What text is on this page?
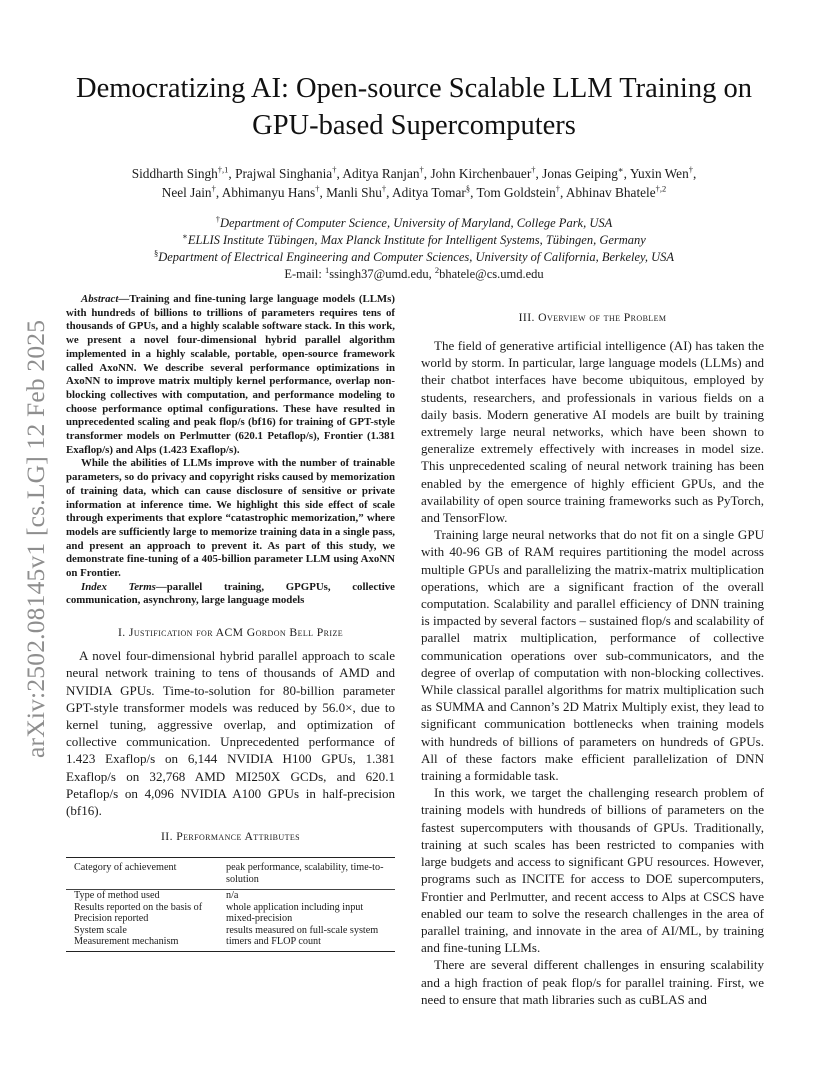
arXiv:2502.08145v1 [cs.LG] 12 Feb 2025
Democratizing AI: Open-source Scalable LLM Training on GPU-based Supercomputers
Siddharth Singh$^{\dagger,1}$, Prajwal Singhania†, Aditya Ranjan†, John Kirchenbauer†, Jonas Geiping∗, Yuxin Wen†,
Neel Jain†, Abhimanyu Hans†, Manli Shu†, Aditya Tomar§, Tom Goldstein†, Abhinav Bhatele$^{\dagger,2}$
†Department of Computer Science, University of Maryland, College Park, USA
∗ELLIS Institute Tübingen, Max Planck Institute for Intelligent Systems, Tübingen, Germany
§Department of Electrical Engineering and Computer Sciences, University of California, Berkeley, USA
E-mail: $^1$ssingh37@umd.edu, $^2$bhatele@cs.umd.edu

Abstract—Training and fine-tuning large language models (LLMs) with hundreds of billions to trillions of parameters requires tens of thousands of GPUs, and a highly scalable software stack. In this work, we present a novel four-dimensional hybrid parallel algorithm implemented in a highly scalable, portable, open-source framework called AxoNN. We describe several performance optimizations in AxoNN to improve matrix multiply kernel performance, overlap non-blocking collectives with computation, and performance modeling to choose performance optimal configurations. These have resulted in unprecedented scaling and peak flop/s (bf16) for training of GPT-style transformer models on Perlmutter (620.1 Petaflop/s), Frontier (1.381 Exaflop/s) and Alps (1.423 Exaflop/s).

While the abilities of LLMs improve with the number of trainable parameters, so do privacy and copyright risks caused by memorization of training data, which can cause disclosure of sensitive or private information at inference time. We highlight this side effect of scale through experiments that explore “catastrophic memorization,” where models are sufficiently large to memorize training data in a single pass, and present an approach to prevent it. As part of this study, we demonstrate fine-tuning of a 405-billion parameter LLM using AxoNN on Frontier.

Index Terms—parallel training, GPGPUs, collective communication, asynchrony, large language models

I. Justification for ACM Gordon Bell Prize

A novel four-dimensional hybrid parallel approach to scale neural network training to tens of thousands of AMD and NVIDIA GPUs. Time-to-solution for 80-billion parameter GPT-style transformer models was reduced by 56.0×, due to kernel tuning, aggressive overlap, and optimization of collective communication. Unprecedented performance of 1.423 Exaflop/s on 6,144 NVIDIA H100 GPUs, 1.381 Exaflop/s on 32,768 AMD MI250X GCDs, and 620.1 Petaflop/s on 4,096 NVIDIA A100 GPUs in half-precision (bf16).

II. Performance Attributes
Category of achievement	peak performance, scalability, time-to-solution
Type of method used	n/a
Results reported on the basis of	whole application including input
Precision reported	mixed-precision
System scale	results measured on full-scale system
Measurement mechanism	timers and FLOP count
III. Overview of the Problem

The field of generative artificial intelligence (AI) has taken the world by storm. In particular, large language models (LLMs) and their chatbot interfaces have become ubiquitous, employed by students, researchers, and professionals in various fields on a daily basis. Modern generative AI models are built by training extremely large neural networks, which have been shown to generalize extremely effectively with increases in model size. This unprecedented scaling of neural network training has been enabled by the emergence of highly efficient GPUs, and the availability of open source training frameworks such as PyTorch, and TensorFlow.

Training large neural networks that do not fit on a single GPU with 40-96 GB of RAM requires partitioning the model across multiple GPUs and parallelizing the matrix-matrix multiplication operations, which are a significant fraction of the overall computation. Scalability and parallel efficiency of DNN training is impacted by several factors – sustained flop/s and scalability of parallel matrix multiplication, performance of collective communication operations over sub-communicators, and the degree of overlap of computation with non-blocking collectives. While classical parallel algorithms for matrix multiplication such as SUMMA and Cannon’s 2D Matrix Multiply exist, they lead to significant communication bottlenecks when training models with hundreds of billions of parameters on hundreds of GPUs. All of these factors make efficient parallelization of DNN training a formidable task.

In this work, we target the challenging research problem of training models with hundreds of billions of parameters on the fastest supercomputers with thousands of GPUs. Traditionally, training at such scales has been restricted to companies with large budgets and access to significant GPU resources. However, programs such as INCITE for access to DOE supercomputers, Frontier and Perlmutter, and recent access to Alps at CSCS have enabled our team to solve the research challenges in the area of parallel training, and innovate in the area of AI/ML, by training and fine-tuning LLMs.

There are several different challenges in ensuring scalability and a high fraction of peak flop/s for parallel training. First, we need to ensure that math libraries such as cuBLAS and
